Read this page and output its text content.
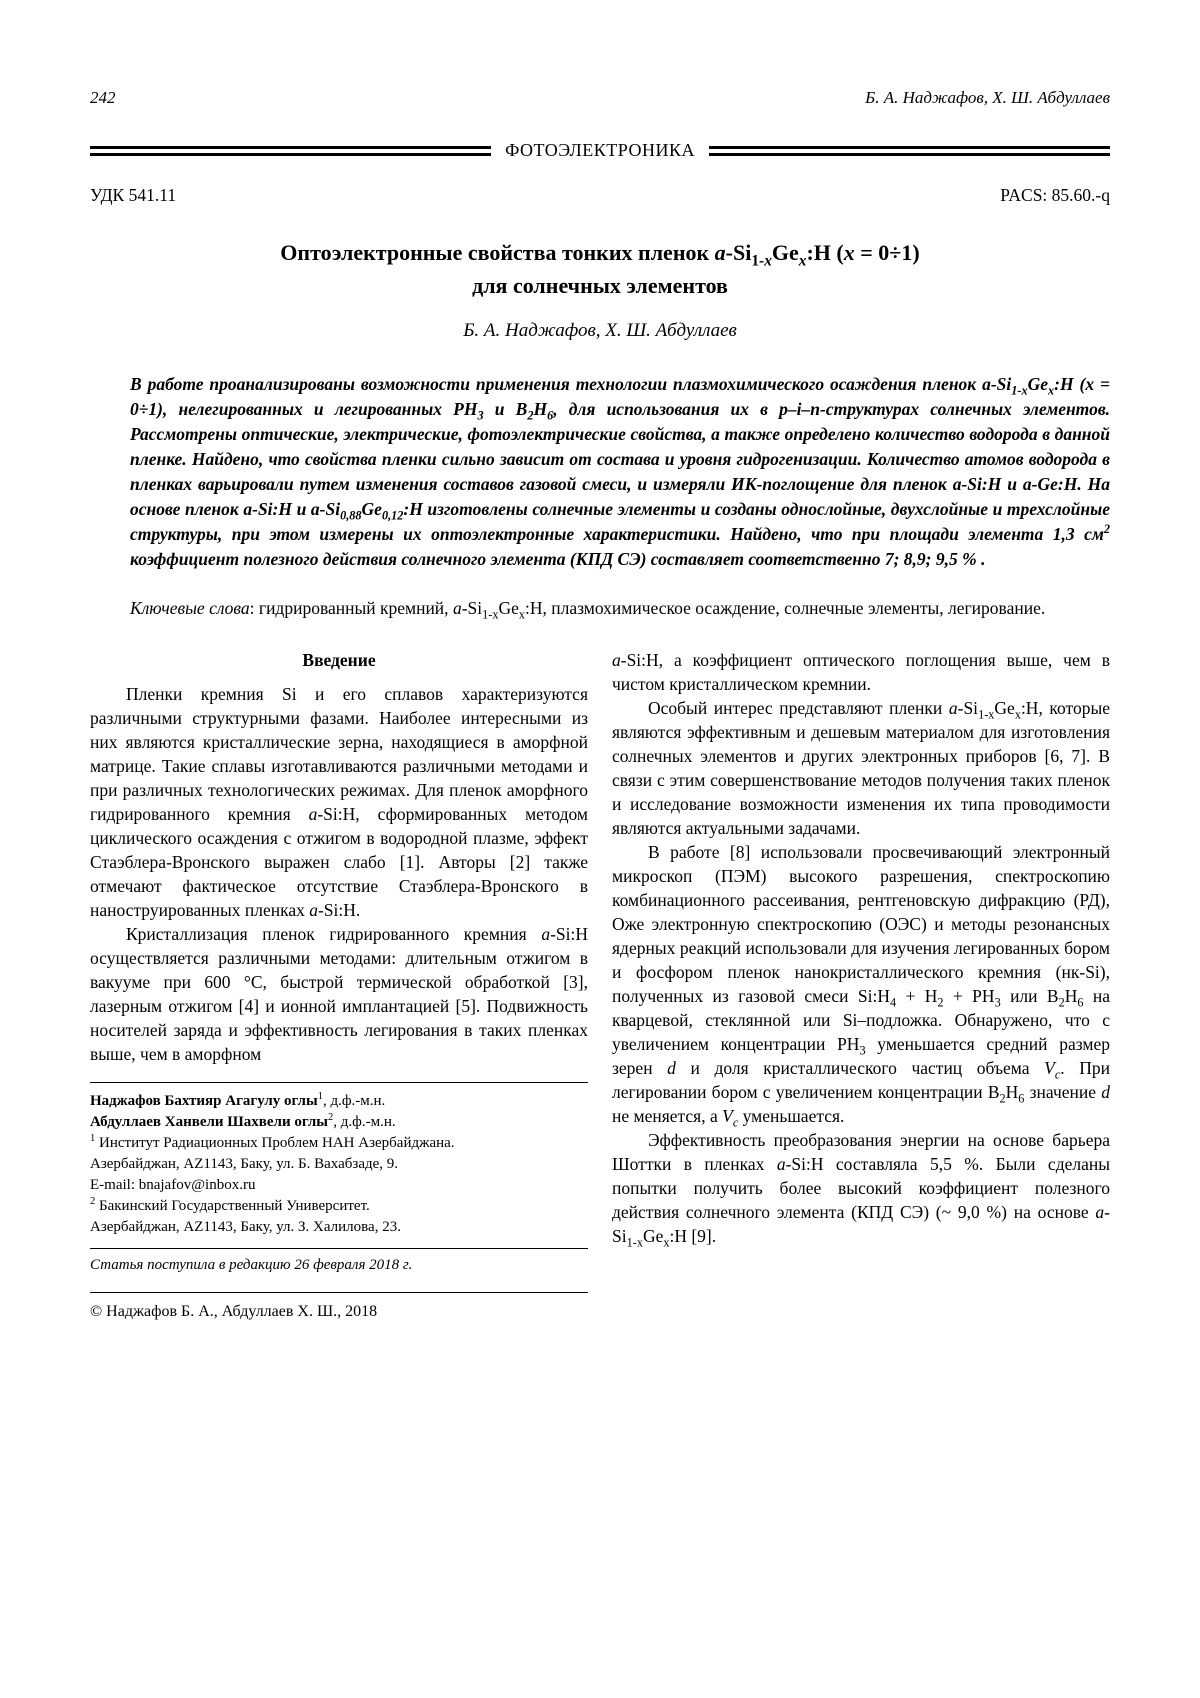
242	Б. А. Наджафов, Х. Ш. Абдуллаев
ФОТОЭЛЕКТРОНИКА
УДК 541.11	PACS: 85.60.-q
Оптоэлектронные свойства тонких пленок $a-Si_{1-x}Ge_x:H$ (x = 0÷1)
для солнечных элементов
Б. А. Наджафов, Х. Ш. Абдуллаев
В работе проанализированы возможности применения технологии плазмохимического осаждения пленок $a-Si_{1-x}Ge_x:H$ (x = 0÷1), нелегированных и легированных $PH_3$ и $B_2H_6$, для использования их в p–i–n-структурах солнечных элементов. Рассмотрены оптические, электрические, фотоэлектрические свойства, а также определено количество водорода в данной пленке. Найдено, что свойства пленки сильно зависит от состава и уровня гидрогенизации. Количество атомов водорода в пленках варьировали путем изменения составов газовой смеси, и измеряли ИК-поглощение для пленок a-Si:H и a-Ge:H. На основе пленок a-Si:H и $a-Si_{0,88}Ge_{0,12}:H$ изготовлены солнечные элементы и созданы однослойные, двухслойные и трехслойные структуры, при этом измерены их оптоэлектронные характеристики. Найдено, что при площади элемента 1,3 $см^2$ коэффициент полезного действия солнечного элемента (КПД СЭ) составляет соответственно 7; 8,9; 9,5 % .

Ключевые слова: гидрированный кремний, $a-Si_{1-x}Ge_x:H$, плазмохимическое осаждение, солнечные элементы, легирование.

Введение

Пленки кремния Si и его сплавов характеризуются различными структурными фазами. Наиболее интересными из них являются кристаллические зерна, находящиеся в аморфной матрице. Такие сплавы изготавливаются различными методами и при различных технологических режимах. Для пленок аморфного гидрированного кремния a-Si:H, сформированных методом циклического осаждения с отжигом в водородной плазме, эффект Стаэблера-Вронского выражен слабо [1]. Авторы [2] также отмечают фактическое отсутствие Стаэблера-Вронского в наноструированных пленках a-Si:H.

Кристаллизация пленок гидрированного кремния a-Si:H осуществляется различными методами: длительным отжигом в вакууме при 600 °С, быстрой термической обработкой [3], лазерным отжигом [4] и ионной имплантацией [5]. Подвижность носителей заряда и эффективность легирования в таких пленках выше, чем в аморфном

Наджафов Бахтияр Агагулу оглы$^1$, д.ф.-м.н.

Абдуллаев Ханвели Шахвели оглы$^2$, д.ф.-м.н.

$^1$ Институт Радиационных Проблем НАН Азербайджана.

Азербайджан, AZ1143, Баку, ул. Б. Вахабзаде, 9.

E-mail: bnajafov@inbox.ru

$^2$ Бакинский Государственный Университет.

Азербайджан, AZ1143, Баку, ул. З. Халилова, 23.

Статья поступила в редакцию 26 февраля 2018 г.

© Наджафов Б. А., Абдуллаев Х. Ш., 2018

a-Si:H, а коэффициент оптического поглощения выше, чем в чистом кристаллическом кремнии.

Особый интерес представляют пленки $a-Si_{1-x}Ge_x:H$, которые являются эффективным и дешевым материалом для изготовления солнечных элементов и других электронных приборов [6, 7]. В связи с этим совершенствование методов получения таких пленок и исследование возможности изменения их типа проводимости являются актуальными задачами.

В работе [8] использовали просвечивающий электронный микроскоп (ПЭМ) высокого разрешения, спектроскопию комбинационного рассеивания, рентгеновскую дифракцию (РД), Оже электронную спектроскопию (ОЭС) и методы резонансных ядерных реакций использовали для изучения легированных бором и фосфором пленок нанокристаллического кремния (нк-Si), полученных из газовой смеси $Si:H_4 + H_2 + PH_3$ или $B_2H_6$ на кварцевой, стеклянной или Si–подложка. Обнаружено, что с увеличением концентрации $PH_3$ уменьшается средний размер зерен d и доля кристаллического частиц объема $V_c$. При легировании бором с увеличением концентрации $B_2H_6$ значение d не меняется, а $V_c$ уменьшается.

Эффективность преобразования энергии на основе барьера Шоттки в пленках a-Si:H составляла 5,5 %. Были сделаны попытки получить более высокий коэффициент полезного действия солнечного элемента (КПД СЭ) (~ 9,0 %) на основе $a-Si_{1-x}Ge_x:H$ [9].
